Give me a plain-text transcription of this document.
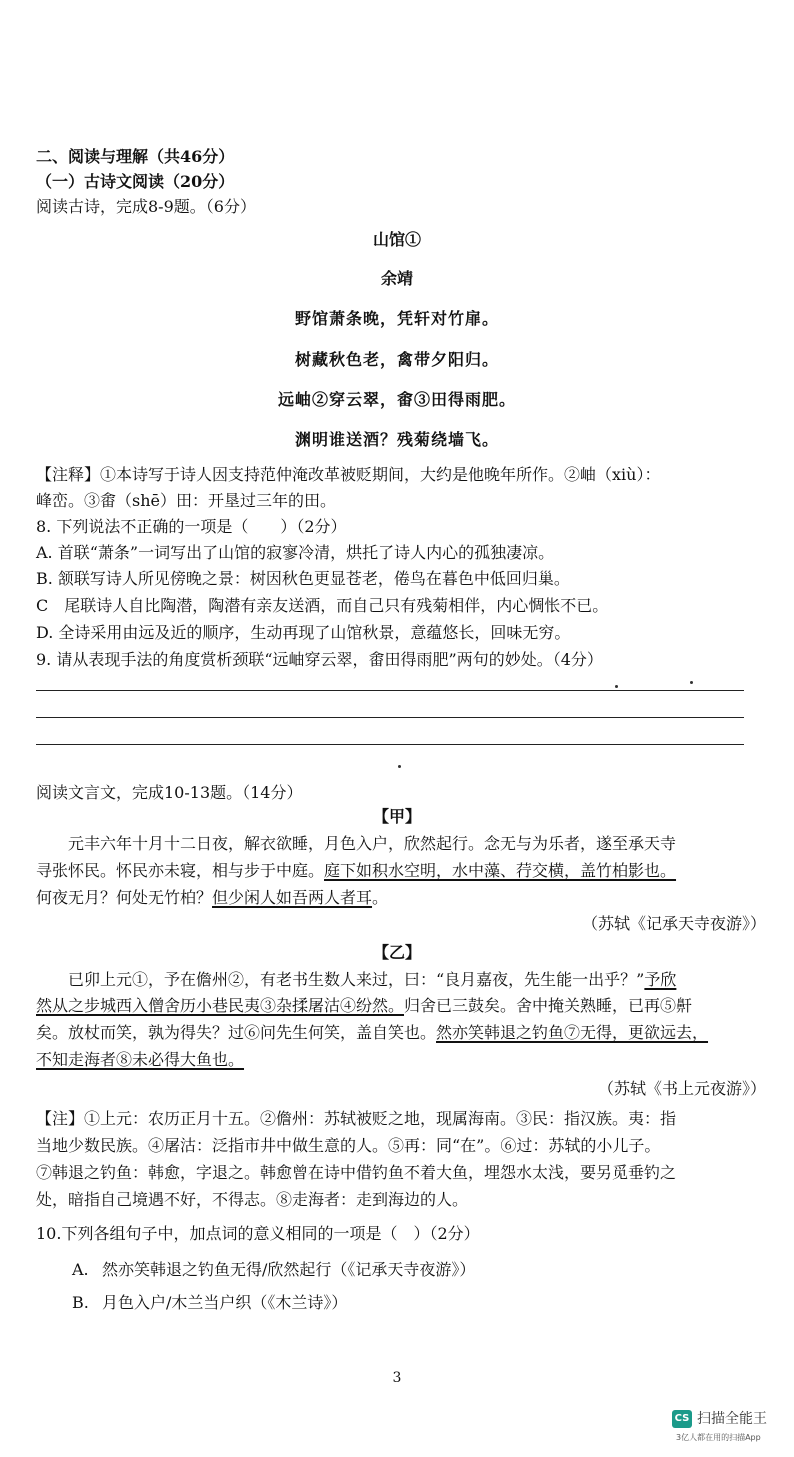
二、阅读与理解（共46分）
（一）古诗文阅读（20分）
阅读古诗，完成8-9题。（6分）
山馆①
余靖
野馆萧条晚，凭轩对竹扉。
树藏秋色老，禽带夕阳归。
远岫②穿云翠，畬③田得雨肥。
渊明谁送酒？残菊绕墙飞。
【注释】①本诗写于诗人因支持范仲淹改革被贬期间，大约是他晚年所作。②岫（xiù）：
峰峦。③畬（shē）田：开垦过三年的田。
8. 下列说法不正确的一项是（　　）（2分）
A. 首联“萧条”一词写出了山馆的寂寥冷清，烘托了诗人内心的孤独凄凉。
B. 颔联写诗人所见傍晚之景：树因秋色更显苍老，倦鸟在暮色中低回归巢。
C　尾联诗人自比陶潜，陶潜有亲友送酒，而自己只有残菊相伴，内心惆怅不已。
D. 全诗采用由远及近的顺序，生动再现了山馆秋景，意蕴悠长，回味无穷。
9. 请从表现手法的角度赏析颈联“远岫穿云翠，畬田得雨肥”两句的妙处。（4分）
阅读文言文，完成10-13题。（14分）
【甲】
元丰六年十月十二日夜，解衣欲睡，月色入户，欣然起行。念无与为乐者，遂至承天寺
寻张怀民。怀民亦未寝，相与步于中庭。庭下如积水空明，水中藻、荇交横，盖竹柏影也。
何夜无月？何处无竹柏？但少闲人如吾两人者耳。
（苏轼《记承天寺夜游》）
【乙】
已卯上元①，予在儋州②，有老书生数人来过，曰：“良月嘉夜，先生能一出乎？”予欣
然从之步城西入僧舍历小巷民夷③杂揉屠沽④纷然。归舍已三鼓矣。舍中掩关熟睡，已再⑤鼾
矣。放杖而笑，孰为得失？过⑥问先生何笑，盖自笑也。然亦笑韩退之钓鱼⑦无得，更欲远去，
不知走海者⑧未必得大鱼也。
（苏轼《书上元夜游》）
【注】①上元：农历正月十五。②儋州：苏轼被贬之地，现属海南。③民：指汉族。夷：指
当地少数民族。④屠沽：泛指市井中做生意的人。⑤再：同“在”。⑥过：苏轼的小儿子。
⑦韩退之钓鱼：韩愈，字退之。韩愈曾在诗中借钓鱼不着大鱼，埋怨水太浅，要另觅垂钓之
处，暗指自己境遇不好，不得志。⑧走海者：走到海边的人。
10.下列各组句子中，加点词的意义相同的一项是（　）（2分）
A. 然亦笑韩退之钓鱼无得/欣然起行（《记承天寺夜游》）
B. 月色入户/木兰当户织（《木兰诗》）
3
CS 扫描全能王
3亿人都在用的扫描App
